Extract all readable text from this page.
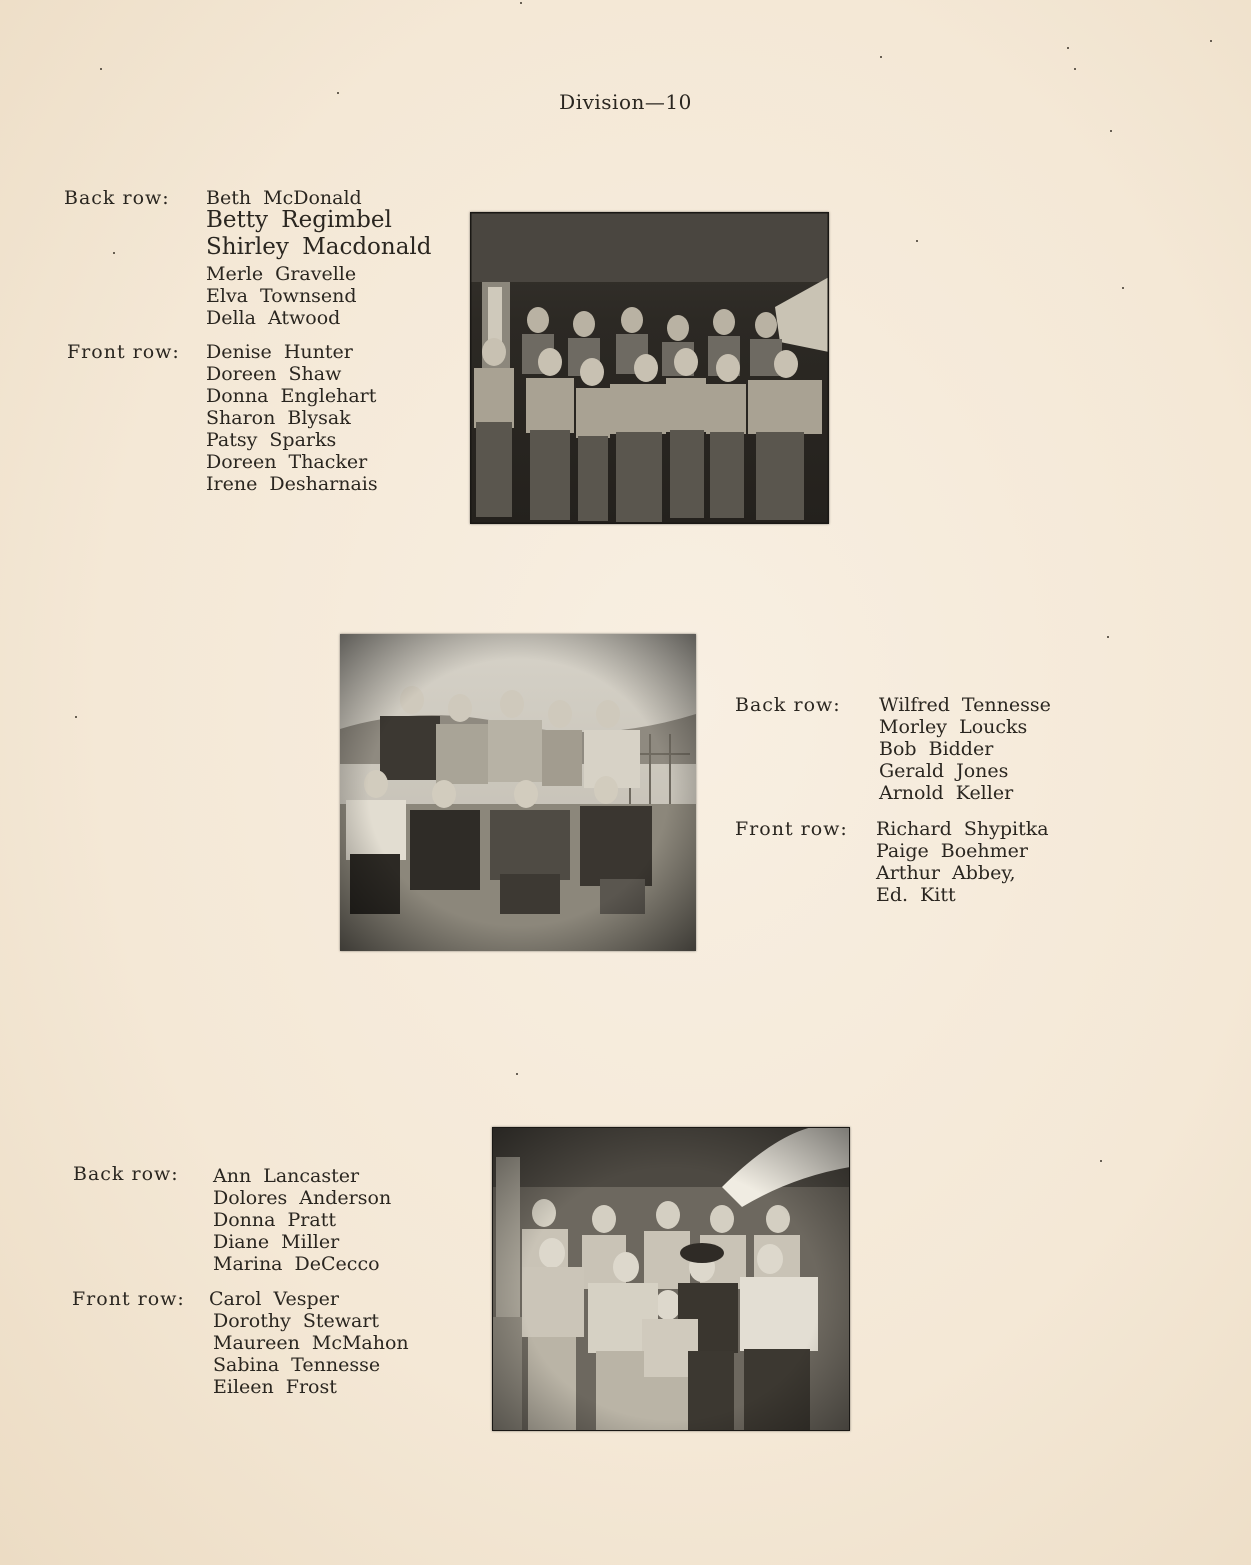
Division—10
Back row: Beth McDonald
Betty Regimbel
Shirley Macdonald
Merle Gravelle
Elva Townsend
Della Atwood
Front row: Denise Hunter
Doreen Shaw
Donna Englehart
Sharon Blysak
Patsy Sparks
Doreen Thacker
Irene Desharnais
Back row: Wilfred Tennesse
Morley Loucks
Bob Bidder
Gerald Jones
Arnold Keller
Front row: Richard Shypitka
Paige Boehmer
Arthur Abbey,
Ed. Kitt
Back row: Ann Lancaster
Dolores Anderson
Donna Pratt
Diane Miller
Marina DeCecco
Front row: Carol Vesper
Dorothy Stewart
Maureen McMahon
Sabina Tennesse
Eileen Frost
